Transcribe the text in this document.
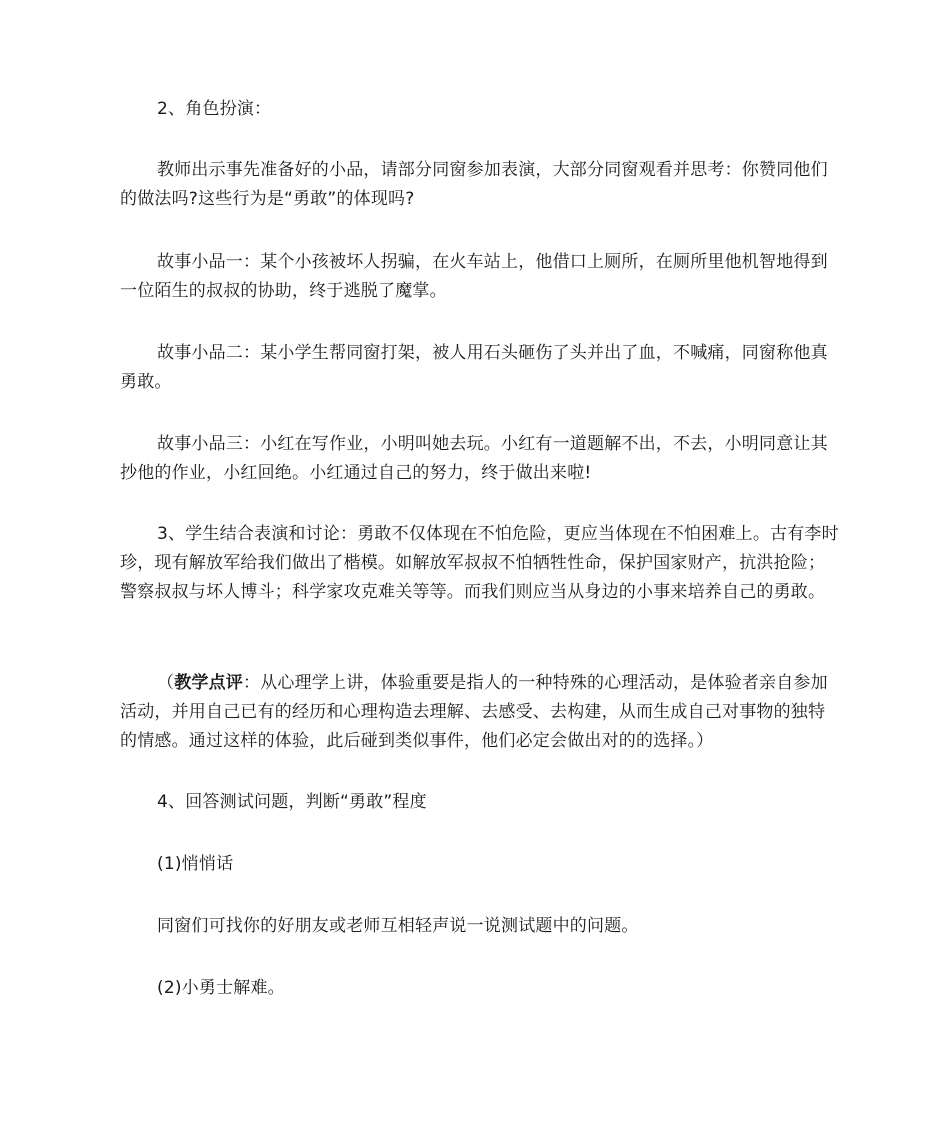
2、角色扮演：

教师出示事先准备好的小品，请部分同窗参加表演，大部分同窗观看并思考：你赞同他们的做法吗?这些行为是“勇敢”的体现吗?

故事小品一：某个小孩被坏人拐骗，在火车站上，他借口上厕所，在厕所里他机智地得到一位陌生的叔叔的协助，终于逃脱了魔掌。

故事小品二：某小学生帮同窗打架，被人用石头砸伤了头并出了血，不喊痛，同窗称他真勇敢。

故事小品三：小红在写作业，小明叫她去玩。小红有一道题解不出，不去，小明同意让其抄他的作业，小红回绝。小红通过自己的努力，终于做出来啦!

3、学生结合表演和讨论：勇敢不仅体现在不怕危险，更应当体现在不怕困难上。古有李时珍，现有解放军给我们做出了楷模。如解放军叔叔不怕牺牲性命，保护国家财产，抗洪抢险；警察叔叔与坏人博斗；科学家攻克难关等等。而我们则应当从身边的小事来培养自己的勇敢。

（教学点评：从心理学上讲，体验重要是指人的一种特殊的心理活动，是体验者亲自参加活动，并用自己已有的经历和心理构造去理解、去感受、去构建，从而生成自己对事物的独特的情感。通过这样的体验，此后碰到类似事件，他们必定会做出对的的选择。）

4、回答测试问题，判断“勇敢”程度

(1)悄悄话

同窗们可找你的好朋友或老师互相轻声说一说测试题中的问题。

(2)小勇士解难。
